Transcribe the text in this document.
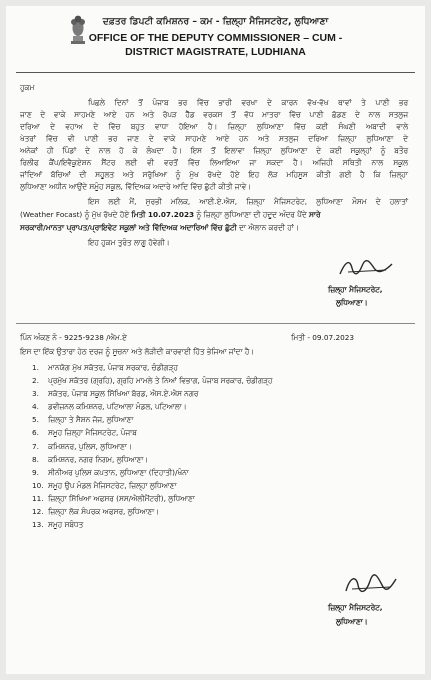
ਦਫ਼ਤਰ ਡਿਪਟੀ ਕਮਿਸ਼ਨਰ – ਕਮ - ਜ਼ਿਲ੍ਹਾ ਮੈਜਿਸਟਰੇਟ, ਲੁਧਿਆਣਾ
OFFICE OF THE DEPUTY COMMISSIONER – CUM -
DISTRICT MAGISTRATE, LUDHIANA
ਹੁਕਮ
ਪਿਛਲੇ ਦਿਨਾਂ ਤੋਂ ਪੰਜਾਬ ਭਰ ਵਿੱਚ ਭਾਰੀ ਵਰਖਾ ਦੇ ਕਾਰਨ ਵੱਖ-ਵੱਖ ਥਾਵਾਂ ਤੇ ਪਾਣੀ ਭਰ
ਜਾਣ ਦੇ ਵਾਕੇ ਸਾਹਮਣੇ ਆਏ ਹਨ ਅਤੇ ਰੋਪੜ ਹੈੱਡ ਵਰਕਸ ਤੋਂ ਵੱਧ ਮਾਤਰਾ ਵਿੱਚ ਪਾਣੀ ਛੱਡਣ ਦੇ ਨਾਲ ਸਤਲੁਜ
ਦਰਿਆ ਦੇ ਵਹਾਅ ਦੇ ਵਿੱਚ ਬਹੁਤ ਵਾਧਾ ਹੋਇਆ ਹੈ। ਜ਼ਿਲ੍ਹਾ ਲੁਧਿਆਣਾ ਵਿੱਚ ਕਈ ਸੰਘਣੀ ਅਬਾਦੀ ਵਾਲੇ
ਖੇਤਰਾਂ ਵਿੱਚ ਵੀ ਪਾਣੀ ਭਰ ਜਾਣ ਦੇ ਵਾਕੇ ਸਾਹਮਣੇ ਆਏ ਹਨ ਅਤੇ ਸਤਲੁਜ ਦਰਿਆ ਜ਼ਿਲ੍ਹਾ ਲੁਧਿਆਣਾ ਦੇ
ਅਨੇਕਾਂ ਹੀ ਪਿੰਡਾਂ ਦੇ ਨਾਲ ਹੋ ਕੇ ਲੰਘਦਾ ਹੈ। ਇਸ ਤੋਂ ਇਲਾਵਾ ਜ਼ਿਲ੍ਹਾ ਲੁਧਿਆਣਾ ਦੇ ਕਈ ਸਕੂਲ੍ਹਾਂ ਨੂੰ ਬਤੌਰ
ਰਿਲੀਫ ਕੈਂਪ/ਇਵੈਕੂਏਸ਼ਨ ਸੈਂਟਰ ਲਈ ਵੀ ਵਰਤੋਂ ਵਿੱਚ ਲਿਆਇਆ ਜਾ ਸਕਦਾ ਹੈ। ਅਜਿਹੀ ਸਥਿਤੀ ਨਾਲ ਸਕੂਲ
ਜਾਂਦਿਆਂ ਬੱਚਿਆਂ ਦੀ ਸਹੂਲਤ ਅਤੇ ਸਰੁੱਖਿਆ ਨੂੰ ਮੁੱਖ ਰੱਖਦੇ ਹੋਏ ਇਹ ਲੋੜ ਮਹਿਸੂਸ ਕੀਤੀ ਗਈ ਹੈ ਕਿ ਜ਼ਿਲ੍ਹਾ
ਲੁਧਿਆਣਾ ਅਧੀਨ ਆਉਂਦੇ ਸਮੂੰਹ ਸਕੂਲ, ਵਿੱਦਿਅਕ ਅਦਾਰੇ ਆਦਿ ਵਿੱਚ ਛੁੱਟੀ ਕੀਤੀ ਜਾਵੇ।
ਇਸ ਲਈ ਮੈਂ, ਸੁਰਭੀ ਮਲਿਕ, ਆਈ.ਏ.ਐਸ, ਜ਼ਿਲ੍ਹਾ ਮੈਜਿਸਟਰੇਟ, ਲੁਧਿਆਣਾ ਮੌਸਮ ਦੇ ਹਲਾਤਾਂ
(Weather Focast) ਨੂੰ ਮੁੱਖ ਰੱਖਦੇ ਹੋਏ ਮਿਤੀ 10.07.2023 ਨੂੰ ਜ਼ਿਲ੍ਹਾ ਲੁਧਿਆਣਾ ਦੀ ਹਦੂਦ ਅੰਦਰ ਪੈਂਦੇ ਸਾਰੇ
ਸਰਕਾਰੀ/ਮਾਨਤਾ ਪ੍ਰਾਪਤ/ਪ੍ਰਾਇਵੇਟ ਸਕੂਲਾਂ ਅਤੇ ਵਿੱਦਿਅਕ ਅਦਾਰਿਆਂ ਵਿੱਚ ਛੁੱਟੀ ਦਾ ਐਲਾਨ ਕਰਦੀ ਹਾਂ।
ਇਹ ਹੁਕਮ ਤੁਰੰਤ ਲਾਗੂ ਹੋਵੇਗੀ।
ਜ਼ਿਲ੍ਹਾ ਮੈਜਿਸਟਰੇਟ,
ਲੁਧਿਆਣਾ।
ਪਿੰਨ ਅੰਕਣ ਨੰ - 9225-9238 /ਐਮ.ਏ	ਮਿਤੀ - 09.07.2023
ਇਸ ਦਾ ਇੱਕ ਉਤਾਰਾ ਹੇਠ ਦਰਜ ਨੂੰ ਸੂਚਨਾ ਅਤੇ ਲੋੜੀਦੀ ਕਾਰਵਾਈ ਹਿੱਤ ਭੇਜਿਆ ਜਾਂਦਾ ਹੈ।
1. ਮਾਨਯੋਗ ਮੁੱਖ ਸਕੱਤਰ, ਪੰਜਾਬ ਸਰਕਾਰ, ਚੰਡੀਗੜ੍ਹ
2. ਪ੍ਰਮੁੱਖ ਸਕੱਤਰ (ਗ੍ਰਹਿ), ਗ੍ਰਹਿ ਮਾਮਲੇ ਤੇ ਨਿਆਂ ਵਿਭਾਗ, ਪੰਜਾਬ ਸਰਕਾਰ, ਚੰਡੀਗੜ੍ਹ
3. ਸਕੱਤਰ, ਪੰਜਾਬ ਸਕੂਲ ਸਿੱਖਿਆ ਬੋਰਡ, ਐਸ.ਏ.ਐਸ ਨਗਰ
4. ਡਵੀਜ਼ਨਲ ਕਮਿਸ਼ਨਰ, ਪਟਿਆਲਾ ਮੰਡਲ, ਪਟਿਆਲਾ।
5. ਜ਼ਿਲ੍ਹਾ ਤੇ ਸੈਸ਼ਨ ਜੱਜ, ਲੁਧਿਆਣਾ
6. ਸਮੂਹ ਜ਼ਿਲ੍ਹਾ ਮੈਜਿਸਟਰੇਟ, ਪੰਜਾਬ
7. ਕਮਿਸ਼ਨਰ, ਪੁਲਿਸ, ਲੁਧਿਆਣਾ।
8. ਕਮਿਸ਼ਨਰ, ਨਗਰ ਨਿਗਮ, ਲੁਧਿਆਣਾ।
9. ਸੀਨੀਅਰ ਪੁਲਿਸ ਕਪਤਾਨ, ਲੁਧਿਆਣਾ (ਦਿਹਾਤੀ)/ਖੰਨਾ
10. ਸਮੂਹ ਉਪ ਮੰਡਲ ਮੈਜਿਸਟਰੇਟ, ਜ਼ਿਲ੍ਹਾ ਲੁਧਿਆਣਾ
11. ਜ਼ਿਲ੍ਹਾ ਸਿੱਖਿਆ ਅਫਸਰ (ਸਸ/ਐਲੀਮੈਂਟਰੀ), ਲੁਧਿਆਣਾ
12. ਜ਼ਿਲ੍ਹਾ ਲੋਕ ਸੰਪਰਕ ਅਫਸਰ, ਲੁਧਿਆਣਾ।
13. ਸਮੂਹ ਸਬੰਧਤ
ਜ਼ਿਲ੍ਹਾ ਮੈਜਿਸਟਰੇਟ,
ਲੁਧਿਆਣਾ।
